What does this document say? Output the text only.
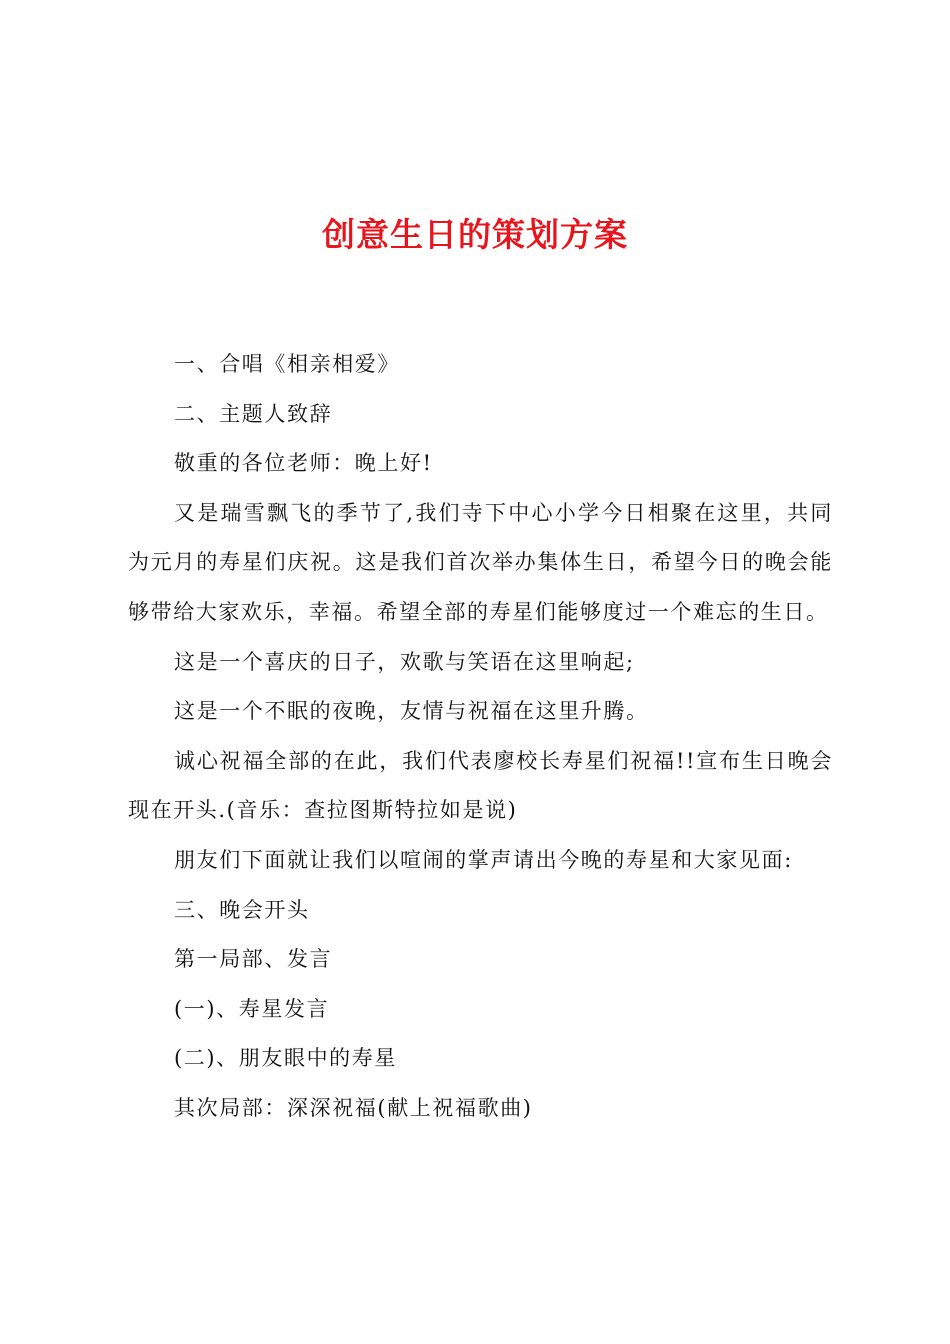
创意生日的策划方案

一、合唱《相亲相爱》

二、主题人致辞

敬重的各位老师：晚上好!

又是瑞雪飘飞的季节了,我们寺下中心小学今日相聚在这里，共同为元月的寿星们庆祝。这是我们首次举办集体生日，希望今日的晚会能够带给大家欢乐，幸福。希望全部的寿星们能够度过一个难忘的生日。

这是一个喜庆的日子，欢歌与笑语在这里响起;

这是一个不眠的夜晚，友情与祝福在这里升腾。

诚心祝福全部的在此，我们代表廖校长寿星们祝福!!宣布生日晚会现在开头.(音乐：查拉图斯特拉如是说)

朋友们下面就让我们以喧闹的掌声请出今晚的寿星和大家见面:

三、晚会开头

第一局部、发言

(一)、寿星发言

(二)、朋友眼中的寿星

其次局部：深深祝福(献上祝福歌曲)
